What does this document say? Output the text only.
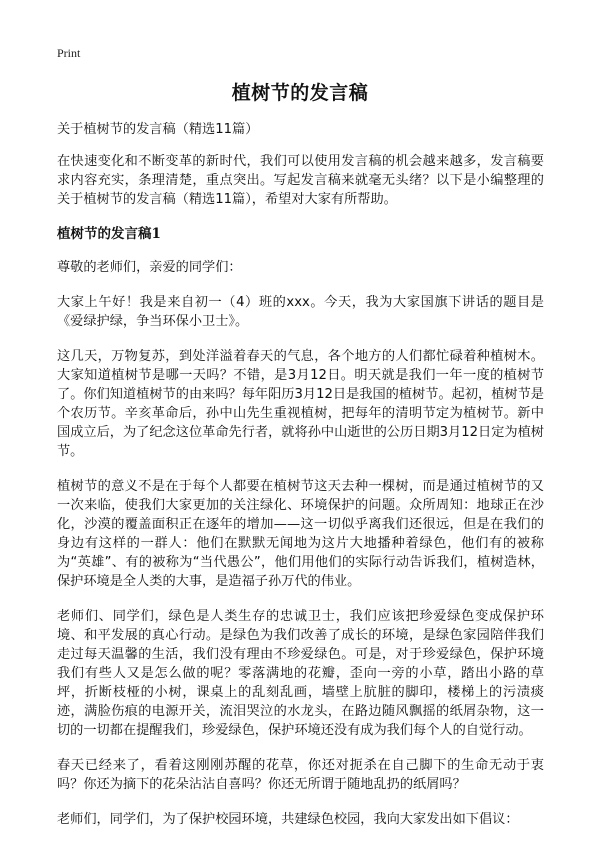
Print
植树节的发言稿

关于植树节的发言稿（精选11篇）

在快速变化和不断变革的新时代，我们可以使用发言稿的机会越来越多，发言稿要求内容充实，条理清楚，重点突出。写起发言稿来就毫无头绪？以下是小编整理的关于植树节的发言稿（精选11篇），希望对大家有所帮助。

植树节的发言稿1

尊敬的老师们，亲爱的同学们：

大家上午好！我是来自初一（4）班的xxx。今天，我为大家国旗下讲话的题目是《爱绿护绿，争当环保小卫士》。

这几天，万物复苏，到处洋溢着春天的气息，各个地方的人们都忙碌着种植树木。大家知道植树节是哪一天吗？不错，是3月12日。明天就是我们一年一度的植树节了。你们知道植树节的由来吗？每年阳历3月12日是我国的植树节。起初，植树节是个农历节。辛亥革命后，孙中山先生重视植树，把每年的清明节定为植树节。新中国成立后，为了纪念这位革命先行者，就将孙中山逝世的公历日期3月12日定为植树节。

植树节的意义不是在于每个人都要在植树节这天去种一棵树，而是通过植树节的又一次来临，使我们大家更加的关注绿化、环境保护的问题。众所周知：地球正在沙化，沙漠的覆盖面积正在逐年的增加——这一切似乎离我们还很远，但是在我们的身边有这样的一群人：他们在默默无闻地为这片大地播种着绿色，他们有的被称为“英雄”、有的被称为“当代愚公”，他们用他们的实际行动告诉我们，植树造林，保护环境是全人类的大事，是造福子孙万代的伟业。

老师们、同学们，绿色是人类生存的忠诚卫士，我们应该把珍爱绿色变成保护环境、和平发展的真心行动。是绿色为我们改善了成长的环境，是绿色家园陪伴我们走过每天温馨的生活，我们没有理由不珍爱绿色。可是，对于珍爱绿色，保护环境我们有些人又是怎么做的呢？零落满地的花瓣，歪向一旁的小草，踏出小路的草坪，折断枝桠的小树，课桌上的乱刻乱画，墙壁上肮脏的脚印，楼梯上的污渍痰迹，满脸伤痕的电源开关，流泪哭泣的水龙头，在路边随风飘摇的纸屑杂物，这一切的一切都在提醒我们，珍爱绿色，保护环境还没有成为我们每个人的自觉行动。

春天已经来了，看着这刚刚苏醒的花草，你还对扼杀在自己脚下的生命无动于衷吗？你还为摘下的花朵沾沾自喜吗？你还无所谓于随地乱扔的纸屑吗？

老师们，同学们，为了保护校园环境，共建绿色校园，我向大家发出如下倡议：
